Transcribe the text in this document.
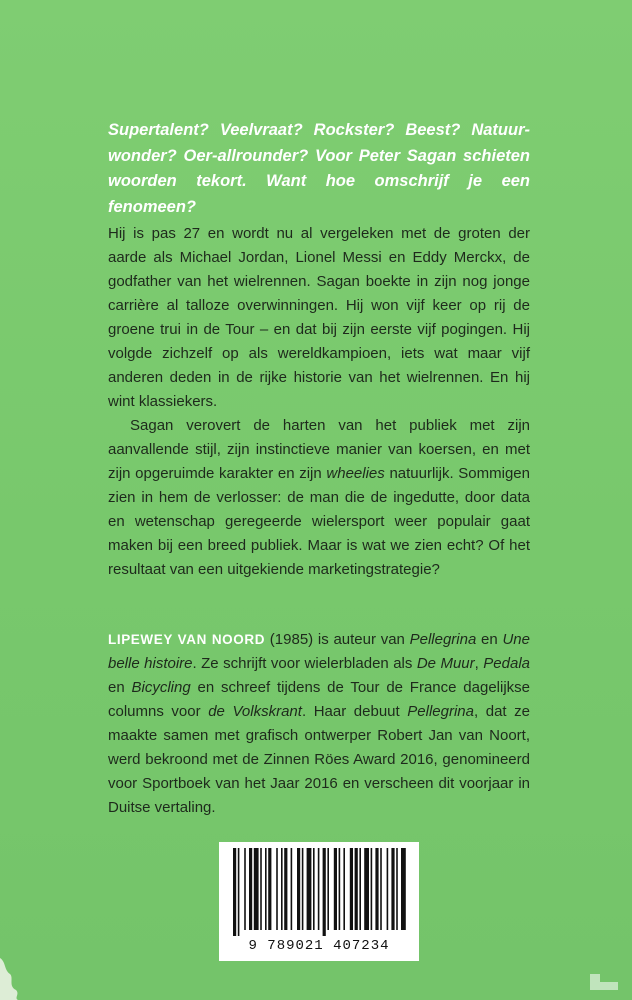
Supertalent? Veelvraat? Rockster? Beest? Natuurwonder? Oer-allrounder? Voor Peter Sagan schieten woorden tekort. Want hoe omschrijf je een fenomeen?

Hij is pas 27 en wordt nu al vergeleken met de groten der aarde als Michael Jordan, Lionel Messi en Eddy Merckx, de godfather van het wielrennen. Sagan boekte in zijn nog jonge carrière al talloze overwinningen. Hij won vijf keer op rij de groene trui in de Tour – en dat bij zijn eerste vijf pogingen. Hij volgde zichzelf op als wereldkampioen, iets wat maar vijf anderen deden in de rijke historie van het wielrennen. En hij wint klassiekers.

Sagan verovert de harten van het publiek met zijn aanvallende stijl, zijn instinctieve manier van koersen, en met zijn opgeruimde karakter en zijn wheelies natuurlijk. Sommigen zien in hem de verlosser: de man die de ingedutte, door data en wetenschap geregeerde wielersport weer populair gaat maken bij een breed publiek. Maar is wat we zien echt? Of het resultaat van een uitgekiende marketingstrategie?

LIPEWEY VAN NOORD (1985) is auteur van Pellegrina en Une belle histoire. Ze schrijft voor wielerbladen als De Muur, Pedala en Bicycling en schreef tijdens de Tour de France dagelijkse columns voor de Volkskrant. Haar debuut Pellegrina, dat ze maakte samen met grafisch ontwerper Robert Jan van Noort, werd bekroond met de Zinnen Röes Award 2016, genomineerd voor Sportboek van het Jaar 2016 en verscheen dit voorjaar in Duitse vertaling.

9 789021 407234
